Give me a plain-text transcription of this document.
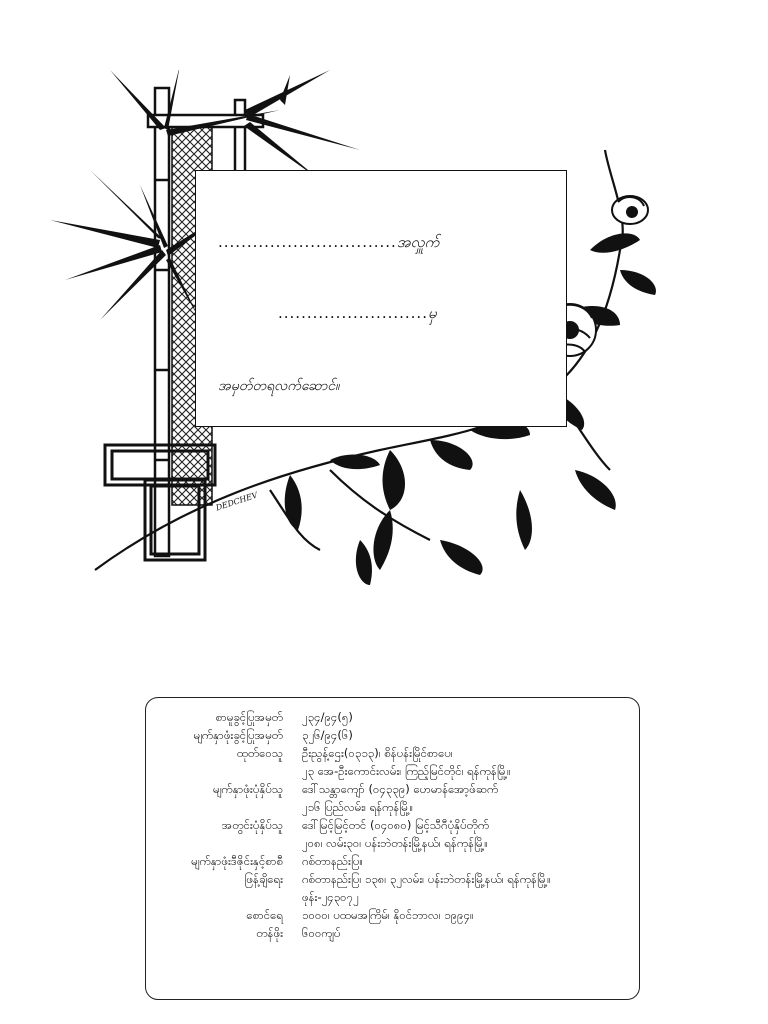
...............................အလှူက်
..........................မှ
အမှတ်တရလက်ဆောင်။
DEDCHEV
စာမူခွင့်ပြုအမှတ်	၂၃၄/၉၄(၅)
မျက်နှာဖုံးခွင့်ပြုအမှတ်	၃၂၆/၉၄(၆)
ထုတ်ဝေသူ	ဦးညွန့်ဌေး(၀၃၁၃)၊ စိန်ပန်းမြိုင်စာပေ၊
၂၃ အေ-ဦးကောင်းလမ်း၊ ကြည့်မြင်တိုင်၊ ရန်ကုန်မြို့။
မျက်နှာဖုံးပုံနှိပ်သူ	ဒေါ်သန္တာကျော် (၀၄၃၃၉) ဟေမာန်အော့ဖ်ဆက်
၂၁၆ ပြည်လမ်း၊ ရန်ကုန်မြို့။
အတွင်းပုံနှိပ်သူ	ဒေါ်မြင့်မြင့်တင် (၀၄၀၈၀) မြင့်သီဂီပုံနှိပ်တိုက်
၂၀၈၊ လမ်း၃၀၊ ပန်းဘဲတန်းမြို့နယ်၊ ရန်ကုန်မြို့။
မျက်နှာဖုံးဒီဇိုင်းနှင့်စာစီ	ဂစ်တာနည်းပြ။
ဖြန့်ချိရေး	ဂစ်တာနည်းပြ၊ ၁၃၈၊ ၃၂လမ်း၊ ပန်းဘဲတန်းမြို့နယ်၊ ရန်ကုန်မြို့။
ဖုန်း-၂၄၃၀၇၂
စောင်ရေ	၁၀၀၀၊ ပထမအကြိမ်၊ နိုဝင်ဘာလ၊ ၁၉၉၄။
တန်ဖိုး	၆၀၀ကျပ်
